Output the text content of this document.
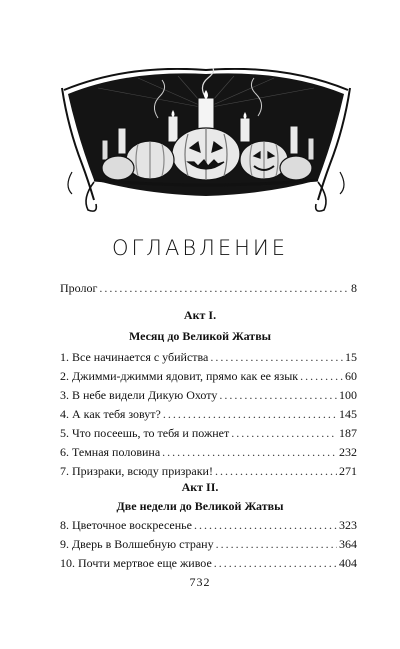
ОГЛАВЛЕНИЕ
Пролог . . .	8
Акт I.
Месяц до Великой Жатвы
1. Все начинается с убийства . . .	15
2. Джимми-джимми ядовит, прямо как ее язык . . .	60
3. В небе видели Дикую Охоту . . .	100
4. А как тебя зовут? . . .	145
5. Что посеешь, то тебя и пожнет . . .	187
6. Темная половина . . .	232
7. Призраки, всюду призраки! . . .	271
Акт II.
Две недели до Великой Жатвы
8. Цветочное воскресенье . . .	323
9. Дверь в Волшебную страну . . .	364
10. Почти мертвое еще живое . . .	404
732
